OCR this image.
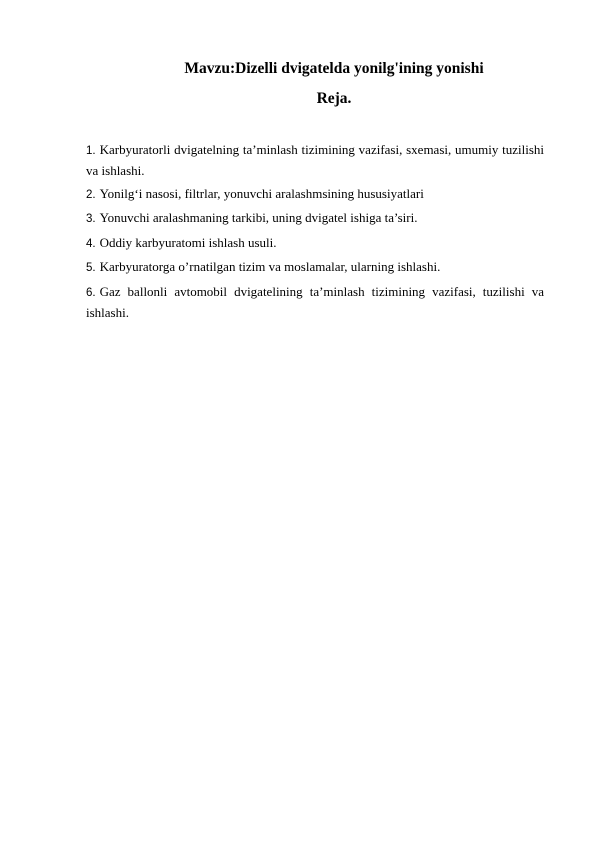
Mavzu:Dizelli dvigatelda yonilg'ining yonishi
Reja.
1. Karbyuratorli dvigatelning ta’minlash tizimining vazifasi, sxemasi, umumiy tuzilishi va ishlashi.
2. Yonilg‘i nasosi, filtrlar, yonuvchi aralashmsining hususiyatlari
3. Yonuvchi aralashmaning tarkibi, uning dvigatel ishiga ta’siri.
4. Oddiy karbyuratomi ishlash usuli.
5. Karbyuratorga o’rnatilgan tizim va moslamalar, ularning ishlashi.
6. Gaz ballonli avtomobil dvigatelining ta’minlash tizimining vazifasi, tuzilishi va ishlashi.
